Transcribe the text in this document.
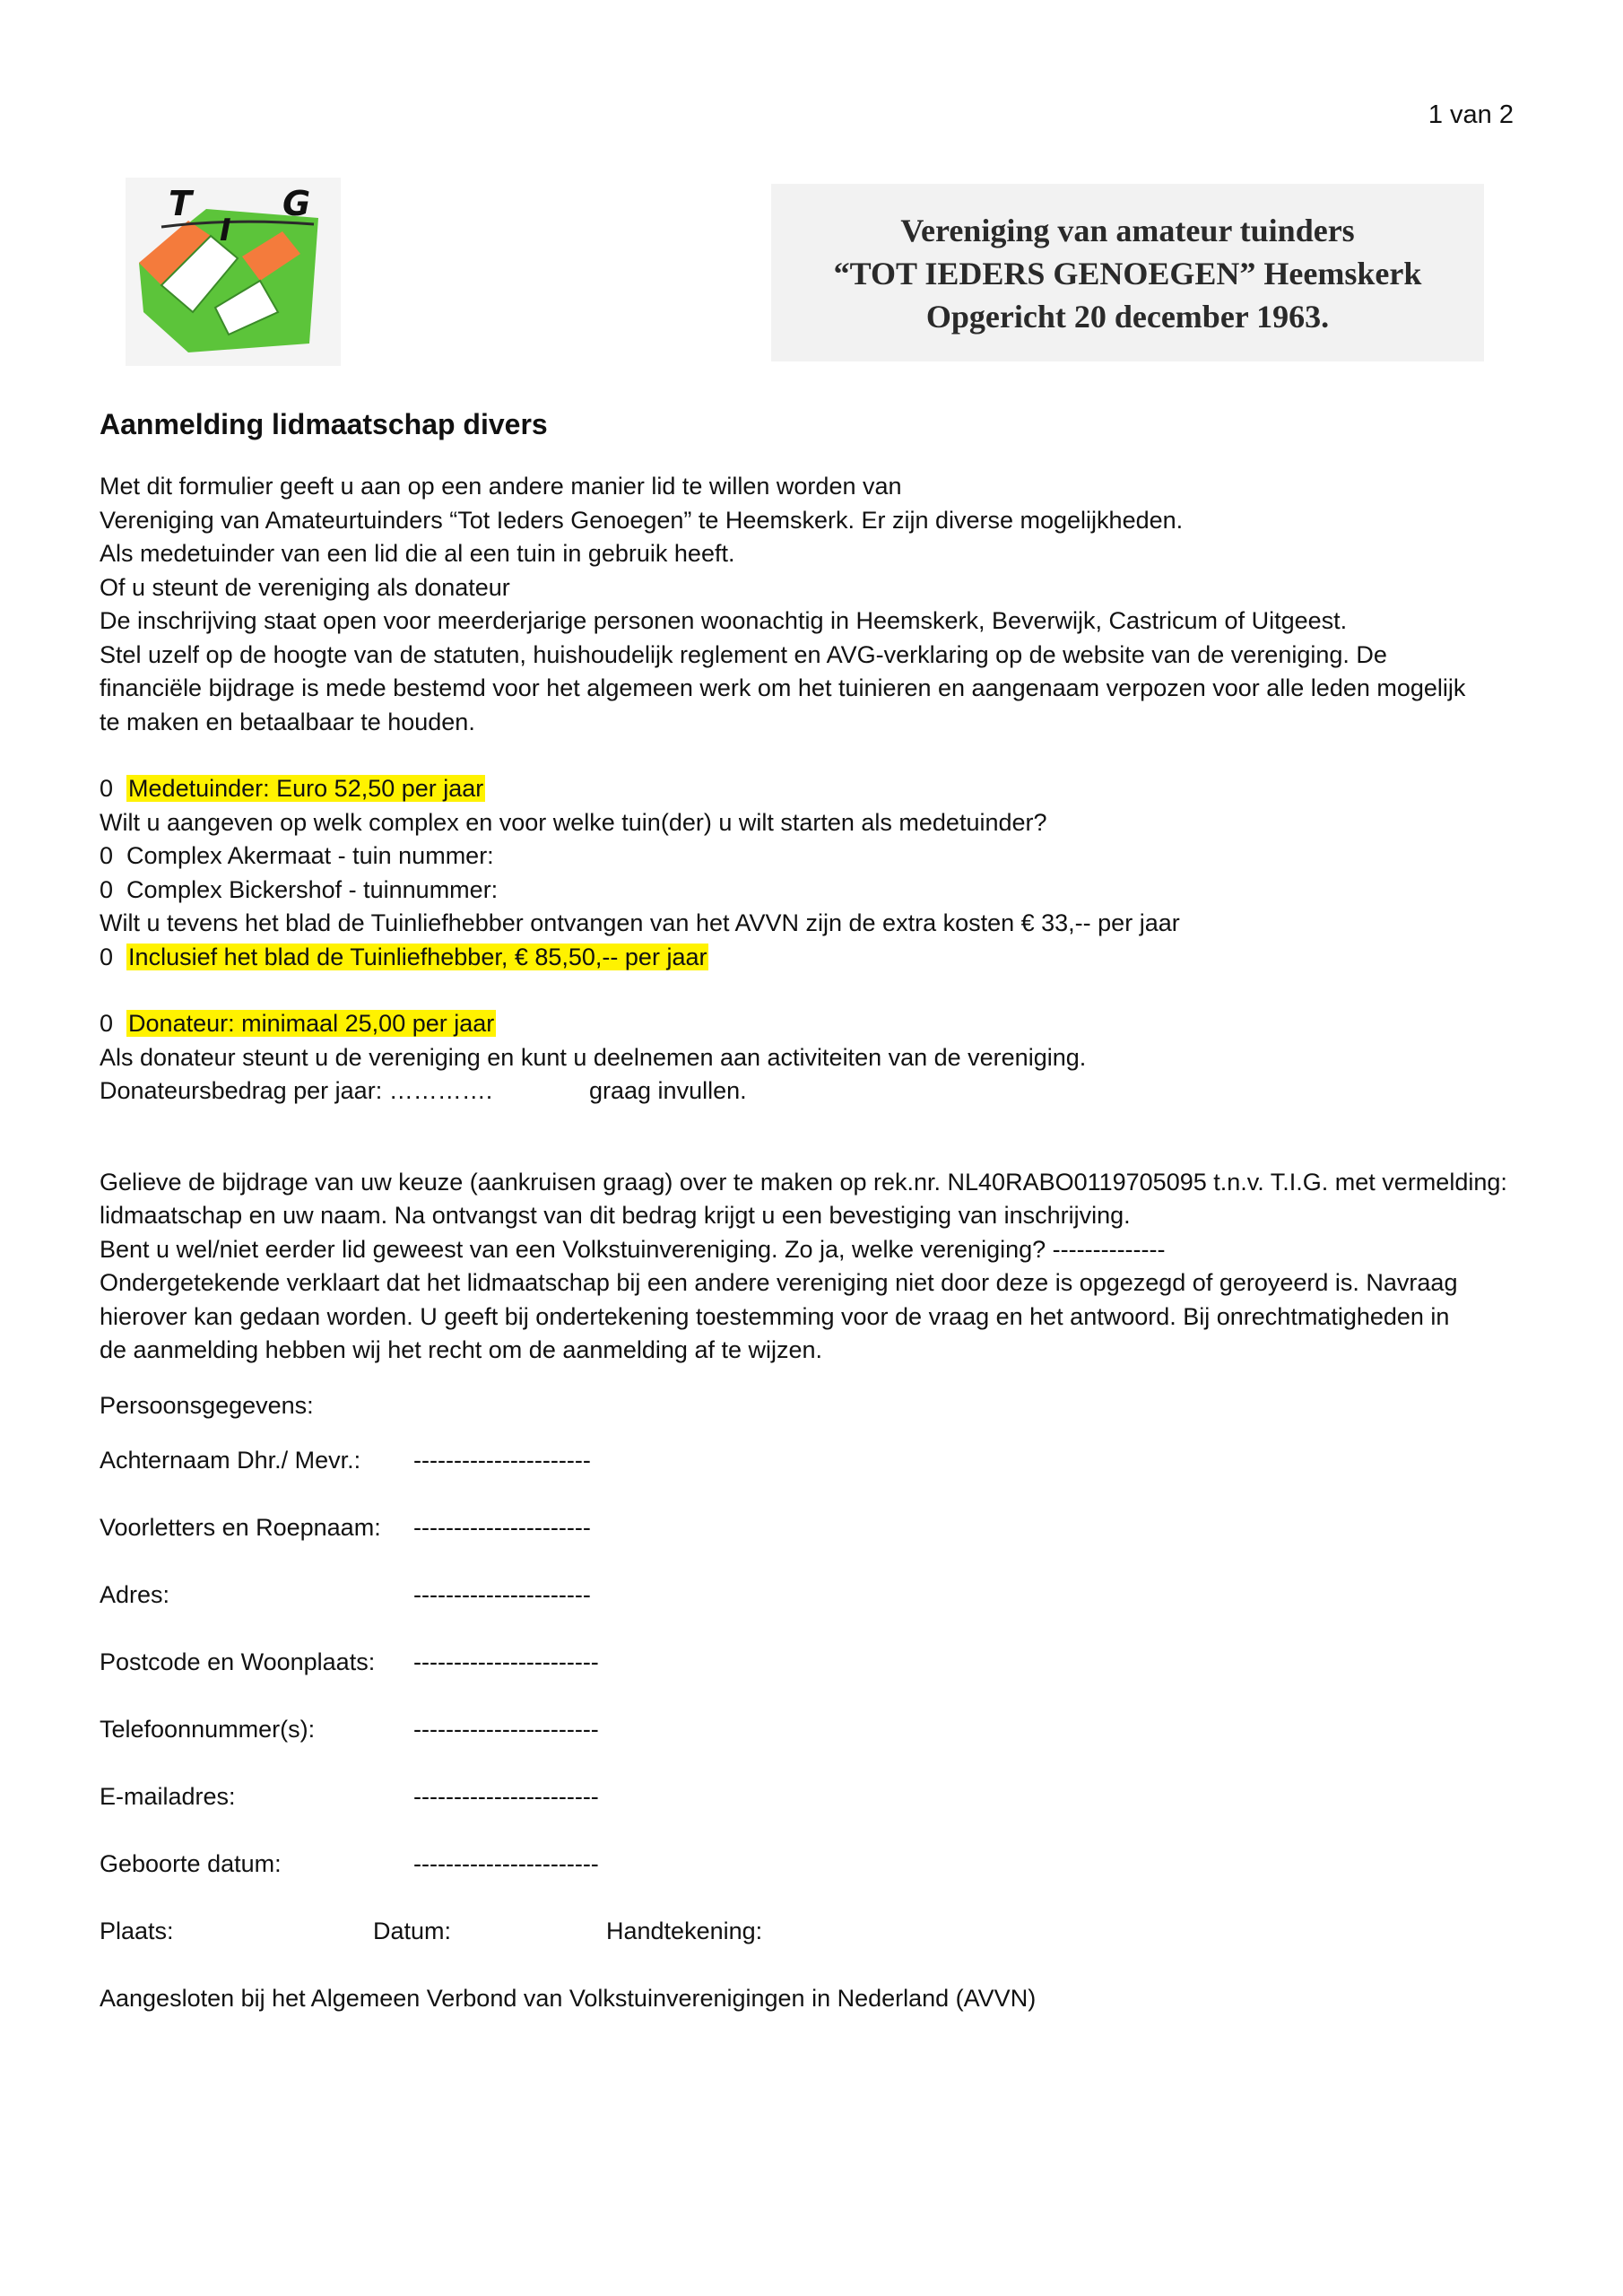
1 van 2
T
I
G
Vereniging van amateur tuinders
“TOT IEDERS GENOEGEN” Heemskerk
Opgericht 20 december 1963.
Aanmelding lidmaatschap divers

Met dit formulier geeft u aan op een andere manier lid te willen worden van

Vereniging van Amateurtuinders “Tot Ieders Genoegen” te Heemskerk. Er zijn diverse mogelijkheden.

Als medetuinder van een lid die al een tuin in gebruik heeft.

Of u steunt de vereniging als donateur

De inschrijving staat open voor meerderjarige personen woonachtig in Heemskerk, Beverwijk, Castricum of Uitgeest.

Stel uzelf op de hoogte van de statuten, huishoudelijk reglement en AVG-verklaring op de website van de vereniging. De

financiële bijdrage is mede bestemd voor het algemeen werk om het tuinieren en aangenaam verpozen voor alle leden mogelijk

te maken en betaalbaar te houden.

0 Medetuinder: Euro 52,50 per jaar

Wilt u aangeven op welk complex en voor welke tuin(der) u wilt starten als medetuinder?

0 Complex Akermaat - tuin nummer:

0 Complex Bickershof - tuinnummer:

Wilt u tevens het blad de Tuinliefhebber ontvangen van het AVVN zijn de extra kosten € 33,-- per jaar

0 Inclusief het blad de Tuinliefhebber, € 85,50,-- per jaar

0 Donateur: minimaal 25,00 per jaar

Als donateur steunt u de vereniging en kunt u deelnemen aan activiteiten van de vereniging.

Donateursbedrag per jaar: ………….	graag invullen.

Gelieve de bijdrage van uw keuze (aankruisen graag) over te maken op rek.nr. NL40RABO0119705095 t.n.v. T.I.G. met vermelding:

lidmaatschap en uw naam. Na ontvangst van dit bedrag krijgt u een bevestiging van inschrijving.

Bent u wel/niet eerder lid geweest van een Volkstuinvereniging. Zo ja, welke vereniging? --------------

Ondergetekende verklaart dat het lidmaatschap bij een andere vereniging niet door deze is opgezegd of geroyeerd is. Navraag

hierover kan gedaan worden. U geeft bij ondertekening toestemming voor de vraag en het antwoord. Bij onrechtmatigheden in

de aanmelding hebben wij het recht om de aanmelding af te wijzen.

Persoonsgegevens:

Achternaam Dhr./ Mevr.:	----------------------
Voorletters en Roepnaam:	----------------------
Adres:	----------------------
Postcode en Woonplaats:	-----------------------
Telefoonnummer(s):	-----------------------
E-mailadres:	-----------------------
Geboorte datum:	-----------------------
Plaats:	Datum:	Handtekening:

Aangesloten bij het Algemeen Verbond van Volkstuinverenigingen in Nederland (AVVN)
